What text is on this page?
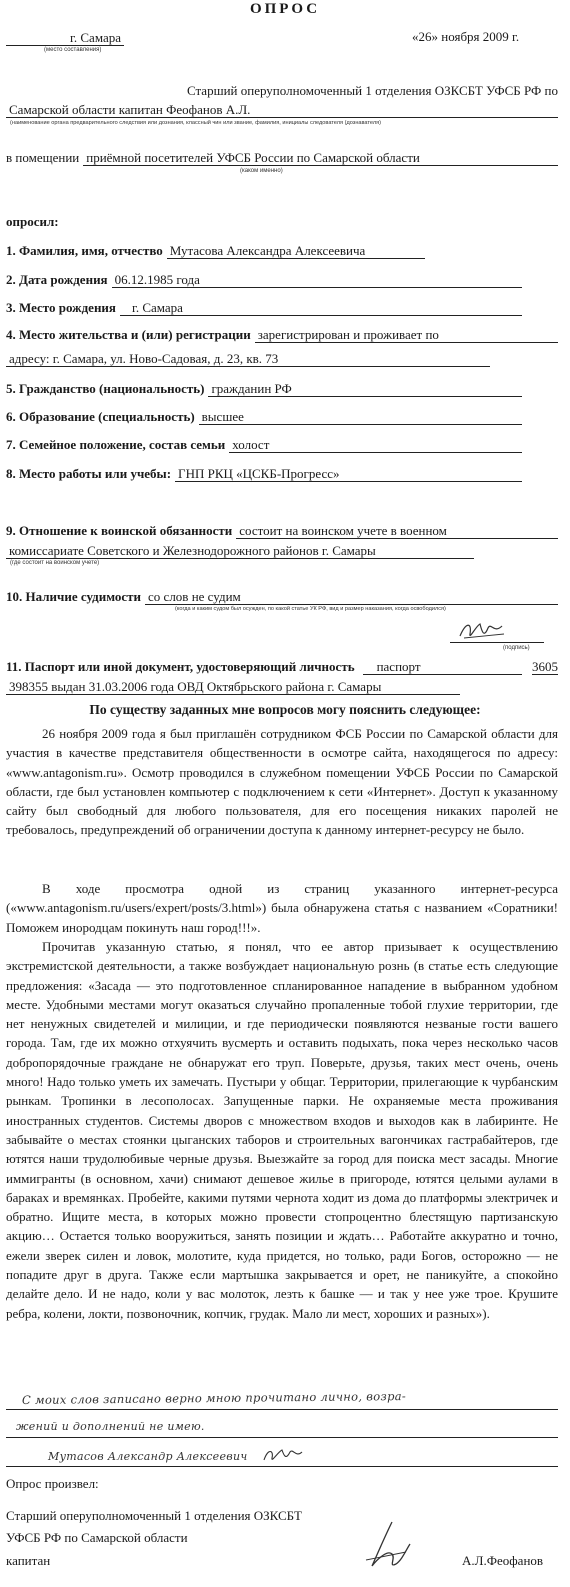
ОПРОС
г. Самара
(место составления)
«26» ноября 2009 г.
Старший оперуполномоченный 1 отделения ОЗКСБТ УФСБ РФ по
Самарской области капитан Феофанов А.Л.
(наименование органа предварительного следствия или дознания, классный чин или звание, фамилия, инициалы следователя (дознавателя)
в помещении приёмной посетителей УФСБ России по Самарской области
(каком именно)
опросил:
1. Фамилия, имя, отчество Мутасова Александра Алексеевича
2. Дата рождения 06.12.1985 года
3. Место рождения	г. Самара
4. Место жительства и (или) регистрации зарегистрирован и проживает по
адресу: г. Самара, ул. Ново-Садовая, д. 23, кв. 73
5. Гражданство (национальность) гражданин РФ
6. Образование (специальность) высшее
7. Семейное положение, состав семьи холост
8. Место работы или учебы: ГНП РКЦ «ЦСКБ-Прогресс»
9. Отношение к воинской обязанности состоит на воинском учете в военном
комиссариате Советского и Железнодорожного районов г. Самары
(где состоит на воинском учете)
10. Наличие судимости со слов не судим
(когда и каким судом был осужден, по какой статье УК РФ, вид и размер наказания, когда освободился)
(подпись)
11. Паспорт или иной документ, удостоверяющий личность	паспорт	3605
398355 выдан 31.03.2006 года ОВД Октябрьского района г. Самары
По существу заданных мне вопросов могу пояснить следующее:
26 ноября 2009 года я был приглашён сотрудником ФСБ России по Самарской области для участия в качестве представителя общественности в осмотре сайта, находящегося по адресу: «www.antagonism.ru». Осмотр проводился в служебном помещении УФСБ России по Самарской области, где был установлен компьютер с подключением к сети «Интернет». Доступ к указанному сайту был свободный для любого пользователя, для его посещения никаких паролей не требовалось, предупреждений об ограничении доступа к данному интернет-ресурсу не было.
В ходе просмотра одной из страниц указанного интернет-ресурса («www.antagonism.ru/users/expert/posts/3.html») была обнаружена статья с названием «Соратники! Поможем инородцам покинуть наш город!!!».
Прочитав указанную статью, я понял, что ее автор призывает к осуществлению экстремистской деятельности, а также возбуждает национальную рознь (в статье есть следующие предложения: «Засада — это подготовленное спланированное нападение в выбранном удобном месте. Удобными местами могут оказаться случайно пропаленные тобой глухие территории, где нет ненужных свидетелей и милиции, и где периодически появляются незваные гости вашего города. Там, где их можно отхуячить вусмерть и оставить подыхать, пока через несколько часов добропорядочные граждане не обнаружат его труп. Поверьте, друзья, таких мест очень, очень много! Надо только уметь их замечать. Пустыри у общаг. Территории, прилегающие к чурбанским рынкам. Тропинки в лесополосах. Запущенные парки. Не охраняемые места проживания иностранных студентов. Системы дворов с множеством входов и выходов как в лабиринте. Не забывайте о местах стоянки цыганских таборов и строительных вагончиках гастрабайтеров, где ютятся наши трудолюбивые черные друзья. Выезжайте за город для поиска мест засады. Многие иммигранты (в основном, хачи) снимают дешевое жилье в пригороде, ютятся целыми аулами в бараках и времянках. Пробейте, какими путями чернота ходит из дома до платформы электричек и обратно. Ищите места, в которых можно провести стопроцентно блестящую партизанскую акцию… Остается только вооружиться, занять позиции и ждать… Работайте аккуратно и точно, ежели зверек силен и ловок, молотите, куда придется, но только, ради Богов, осторожно — не попадите друг в друга. Также если мартышка закрывается и орет, не паникуйте, а спокойно делайте дело. И не надо, коли у вас молоток, лезть к башке — и так у нее уже трое. Крушите ребра, колени, локти, позвоночник, копчик, грудак. Мало ли мест, хороших и разных»).
С моих слов записано верно мною прочитано лично, возра-
жений и дополнений не имею.
Мутасов Александр Алексеевич
Опрос произвел:
Старший оперуполномоченный 1 отделения ОЗКСБТ
УФСБ РФ по Самарской области
капитан	А.Л.Феофанов
